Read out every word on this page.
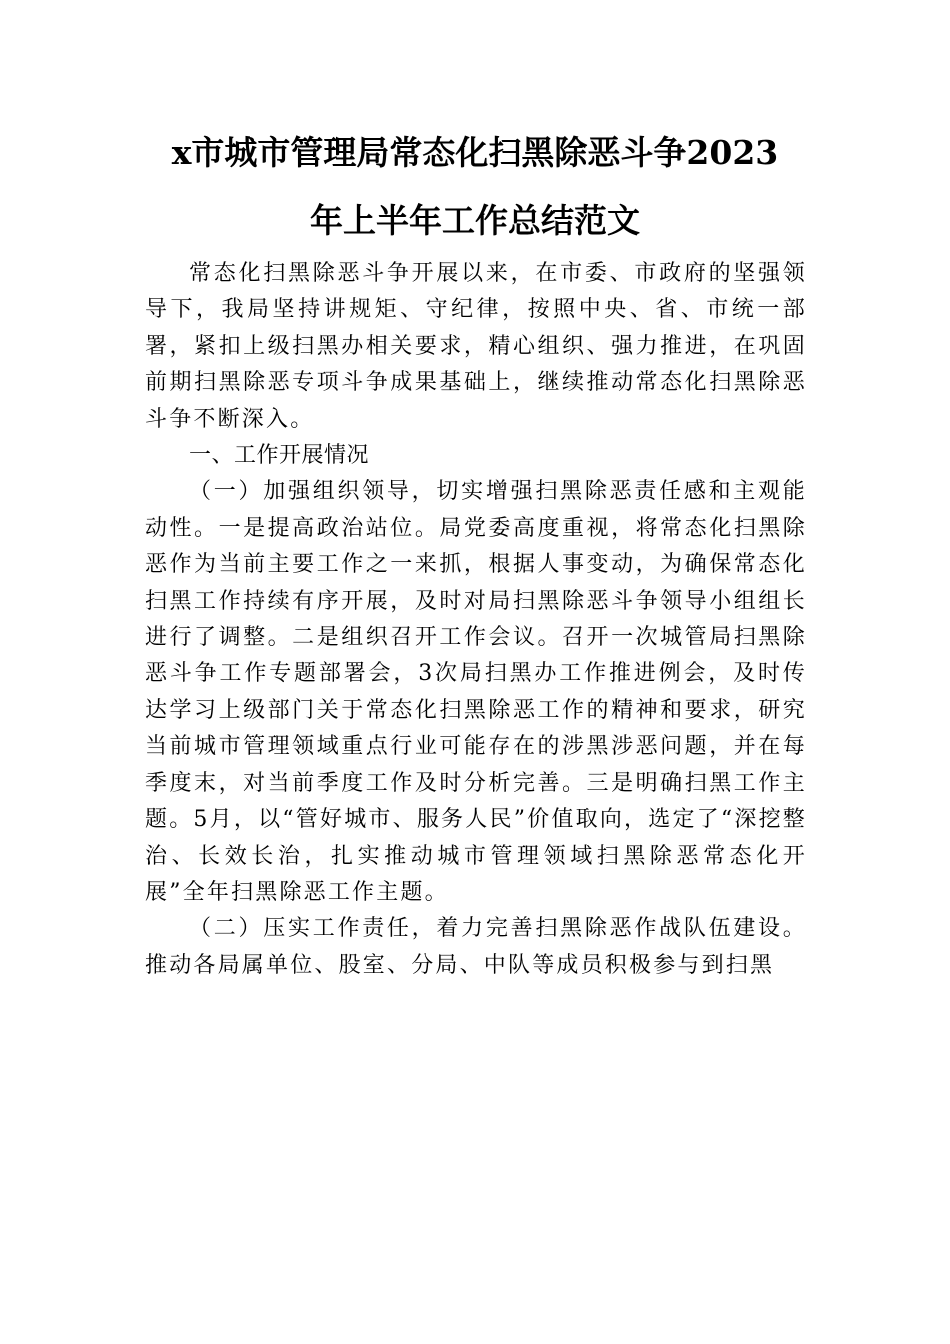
x市城市管理局常态化扫黑除恶斗争2023
年上半年工作总结范文

常态化扫黑除恶斗争开展以来，在市委、市政府的坚强领导下，我局坚持讲规矩、守纪律，按照中央、省、市统一部署，紧扣上级扫黑办相关要求，精心组织、强力推进，在巩固前期扫黑除恶专项斗争成果基础上，继续推动常态化扫黑除恶斗争不断深入。

一、工作开展情况

（一）加强组织领导，切实增强扫黑除恶责任感和主观能动性。一是提高政治站位。局党委高度重视，将常态化扫黑除恶作为当前主要工作之一来抓，根据人事变动，为确保常态化扫黑工作持续有序开展，及时对局扫黑除恶斗争领导小组组长进行了调整。二是组织召开工作会议。召开一次城管局扫黑除恶斗争工作专题部署会，3次局扫黑办工作推进例会，及时传达学习上级部门关于常态化扫黑除恶工作的精神和要求，研究当前城市管理领域重点行业可能存在的涉黑涉恶问题，并在每季度末，对当前季度工作及时分析完善。三是明确扫黑工作主题。5月，以“管好城市、服务人民”价值取向，选定了“深挖整治、长效长治，扎实推动城市管理领域扫黑除恶常态化开展”全年扫黑除恶工作主题。

（二）压实工作责任，着力完善扫黑除恶作战队伍建设。推动各局属单位、股室、分局、中队等成员积极参与到扫黑
